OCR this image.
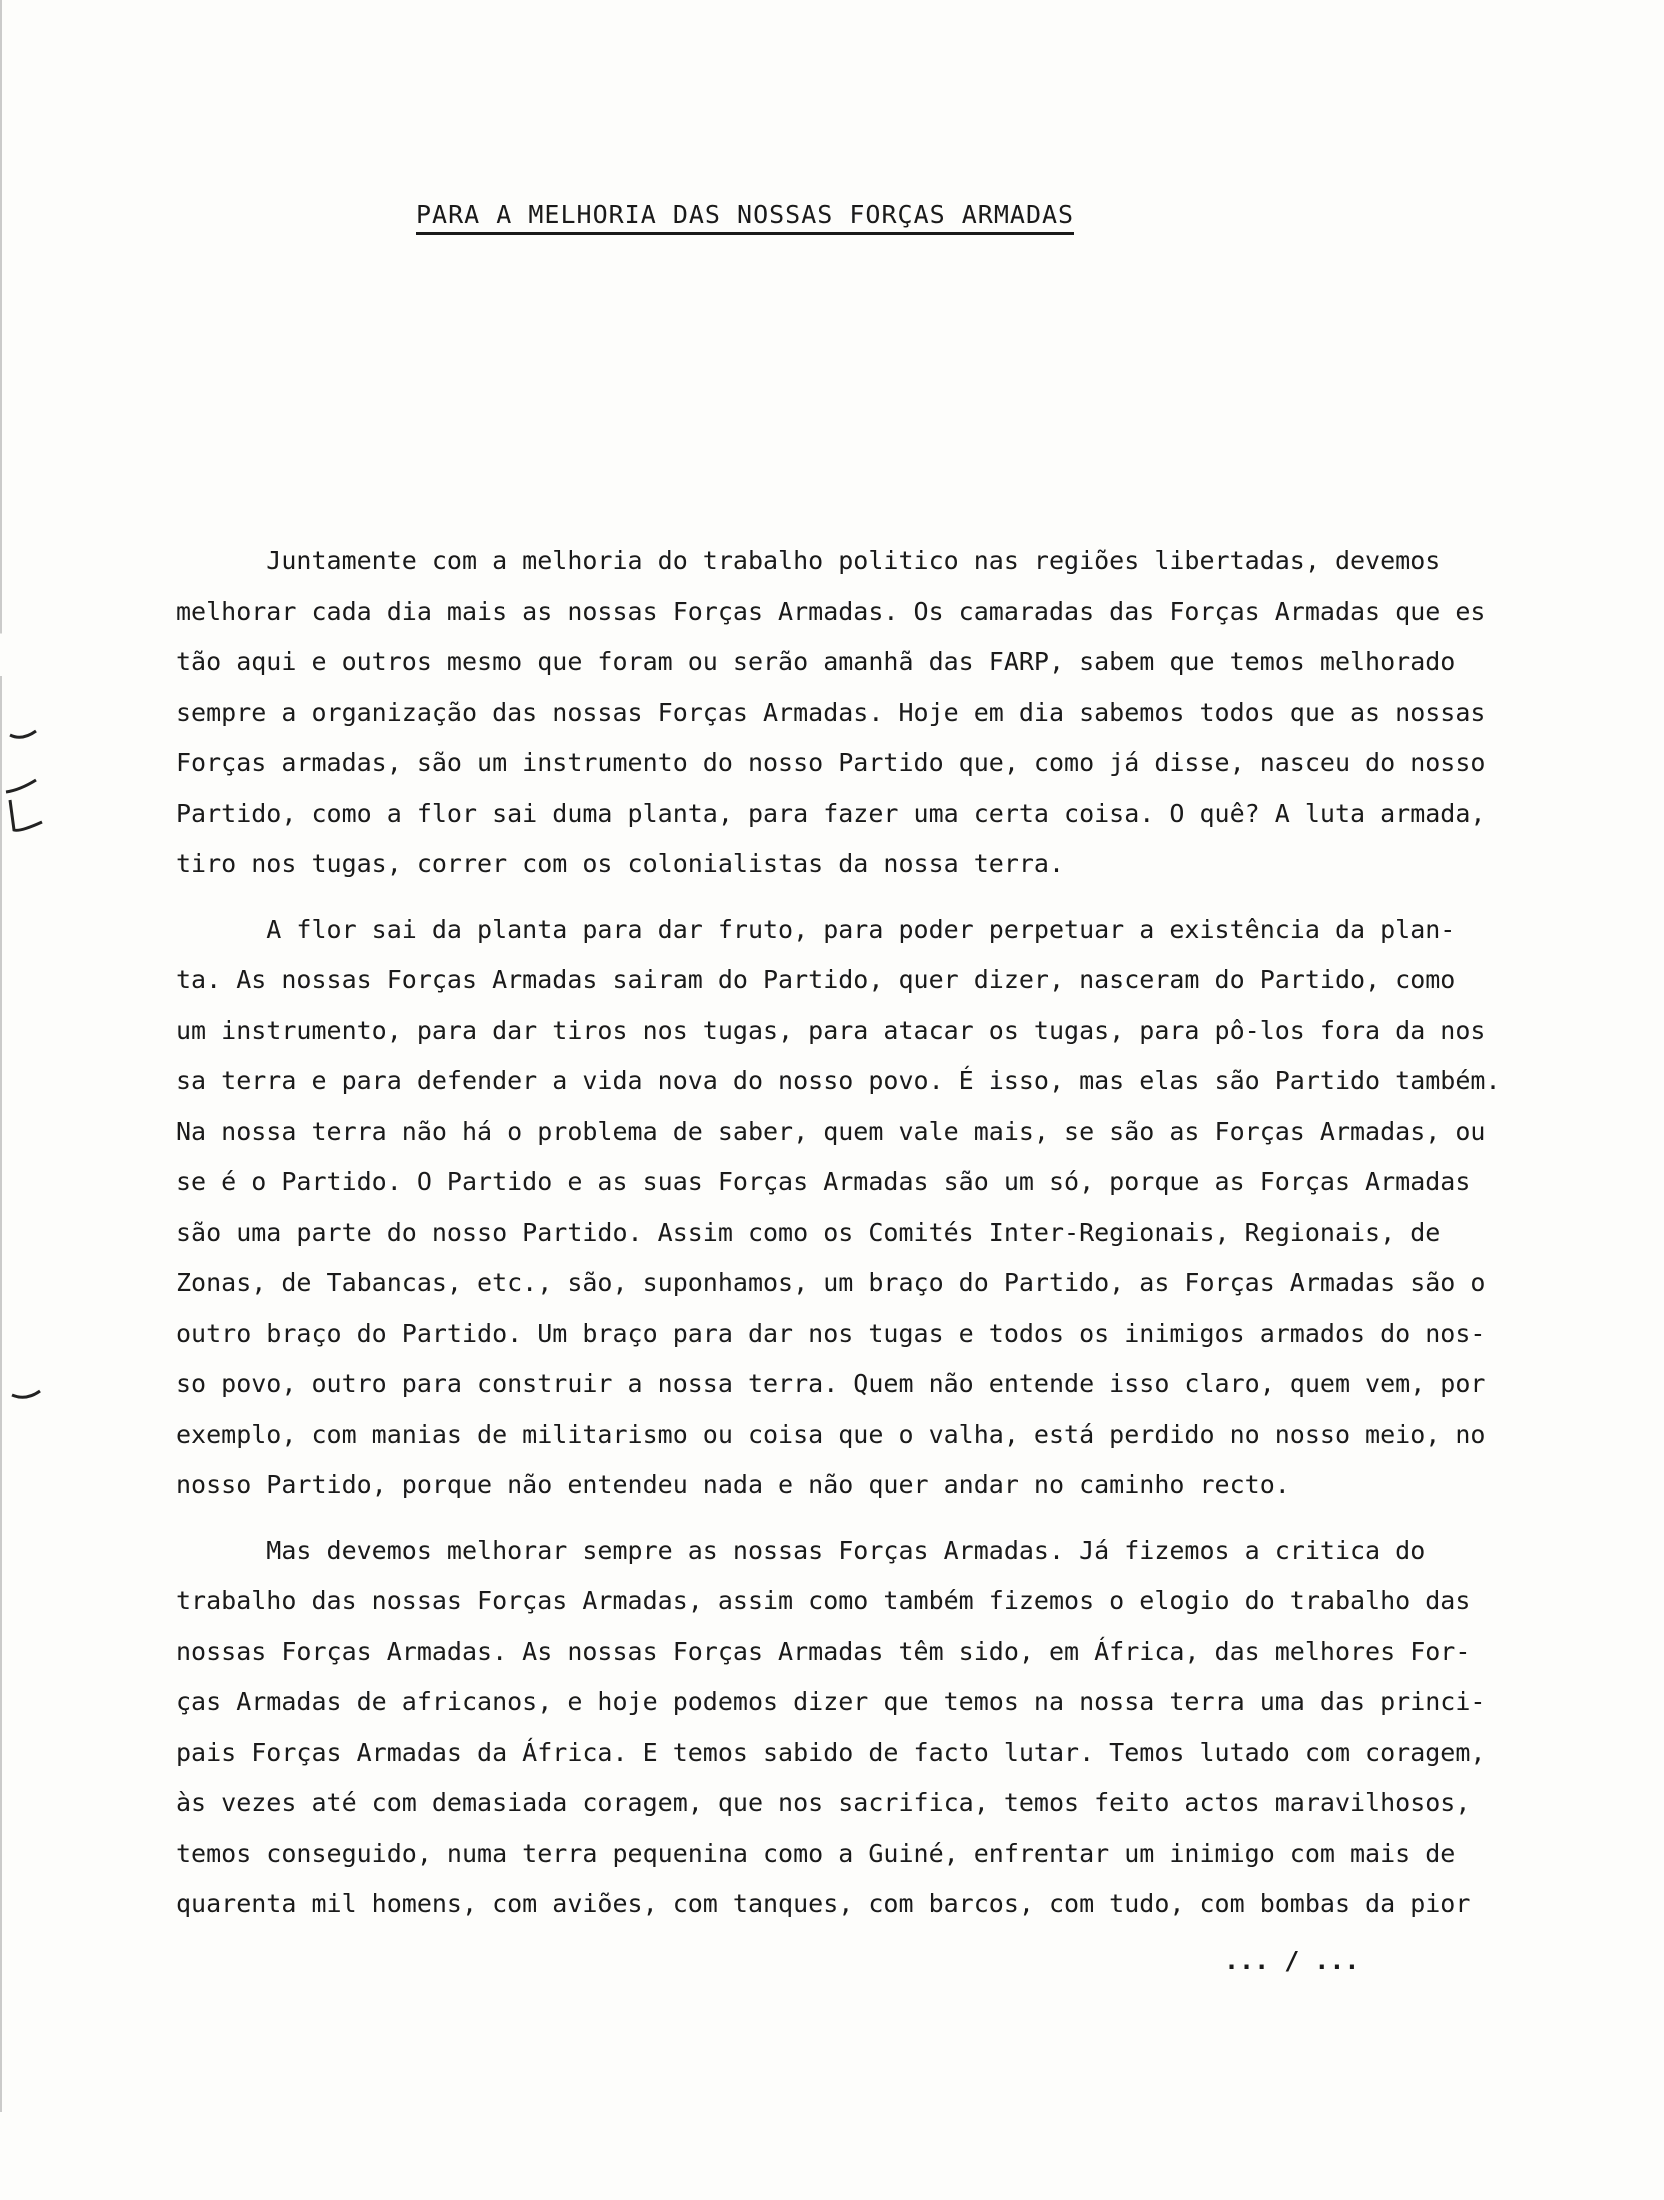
PARA A MELHORIA DAS NOSSAS FORÇAS ARMADAS
Juntamente com a melhoria do trabalho politico nas regiões libertadas, devemos
melhorar cada dia mais as nossas Forças Armadas. Os camaradas das Forças Armadas que es
tão aqui e outros mesmo que foram ou serão amanhã das FARP, sabem que temos melhorado
sempre a organização das nossas Forças Armadas. Hoje em dia sabemos todos que as nossas
Forças armadas, são um instrumento do nosso Partido que, como já disse, nasceu do nosso
Partido, como a flor sai duma planta, para fazer uma certa coisa. O quê? A luta armada,
tiro nos tugas, correr com os colonialistas da nossa terra.
A flor sai da planta para dar fruto, para poder perpetuar a existência da plan-
ta. As nossas Forças Armadas sairam do Partido, quer dizer, nasceram do Partido, como
um instrumento, para dar tiros nos tugas, para atacar os tugas, para pô-los fora da nos
sa terra e para defender a vida nova do nosso povo. É isso, mas elas são Partido também.
Na nossa terra não há o problema de saber, quem vale mais, se são as Forças Armadas, ou
se é o Partido. O Partido e as suas Forças Armadas são um só, porque as Forças Armadas
são uma parte do nosso Partido. Assim como os Comités Inter-Regionais, Regionais, de
Zonas, de Tabancas, etc., são, suponhamos, um braço do Partido, as Forças Armadas são o
outro braço do Partido. Um braço para dar nos tugas e todos os inimigos armados do nos-
so povo, outro para construir a nossa terra. Quem não entende isso claro, quem vem, por
exemplo, com manias de militarismo ou coisa que o valha, está perdido no nosso meio, no
nosso Partido, porque não entendeu nada e não quer andar no caminho recto.
Mas devemos melhorar sempre as nossas Forças Armadas. Já fizemos a critica do
trabalho das nossas Forças Armadas, assim como também fizemos o elogio do trabalho das
nossas Forças Armadas. As nossas Forças Armadas têm sido, em África, das melhores For-
ças Armadas de africanos, e hoje podemos dizer que temos na nossa terra uma das princi-
pais Forças Armadas da África. E temos sabido de facto lutar. Temos lutado com coragem,
às vezes até com demasiada coragem, que nos sacrifica, temos feito actos maravilhosos,
temos conseguido, numa terra pequenina como a Guiné, enfrentar um inimigo com mais de
quarenta mil homens, com aviões, com tanques, com barcos, com tudo, com bombas da pior
... / ...
